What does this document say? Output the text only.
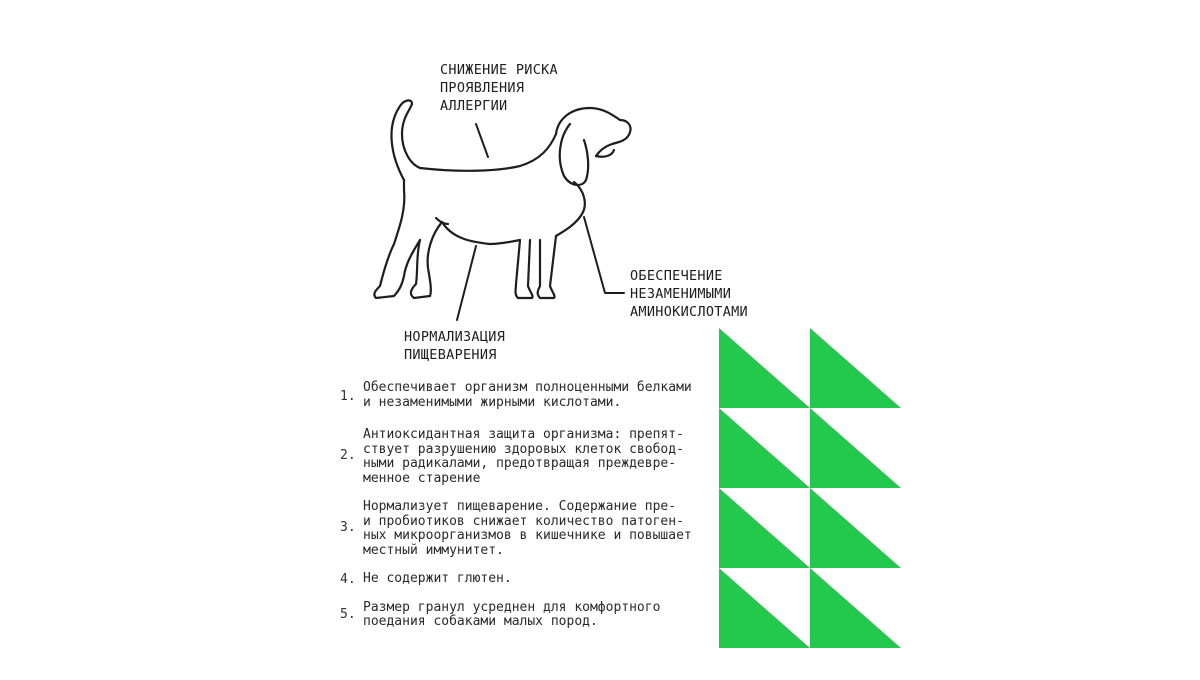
СНИЖЕНИЕ РИСКА
ПРОЯВЛЕНИЯ
АЛЛЕРГИИ
ОБЕСПЕЧЕНИЕ
НЕЗАМЕНИМЫМИ
АМИНОКИСЛОТАМИ
НОРМАЛИЗАЦИЯ
ПИЩЕВАРЕНИЯ
1.
Обеспечивает организм полноценными белками
и незаменимыми жирными кислотами.
2.
Антиоксидантная защита организма: препят-
ствует разрушению здоровых клеток свобод-
ными радикалами, предотвращая преждевре-
менное старение
3.
Нормализует пищеварение. Содержание пре-
и пробиотиков снижает количество патоген-
ных микроорганизмов в кишечнике и повышает
местный иммунитет.
4. Не содержит глютен.
5. Размер гранул усреднен для комфортного
поедания собаками малых пород.
